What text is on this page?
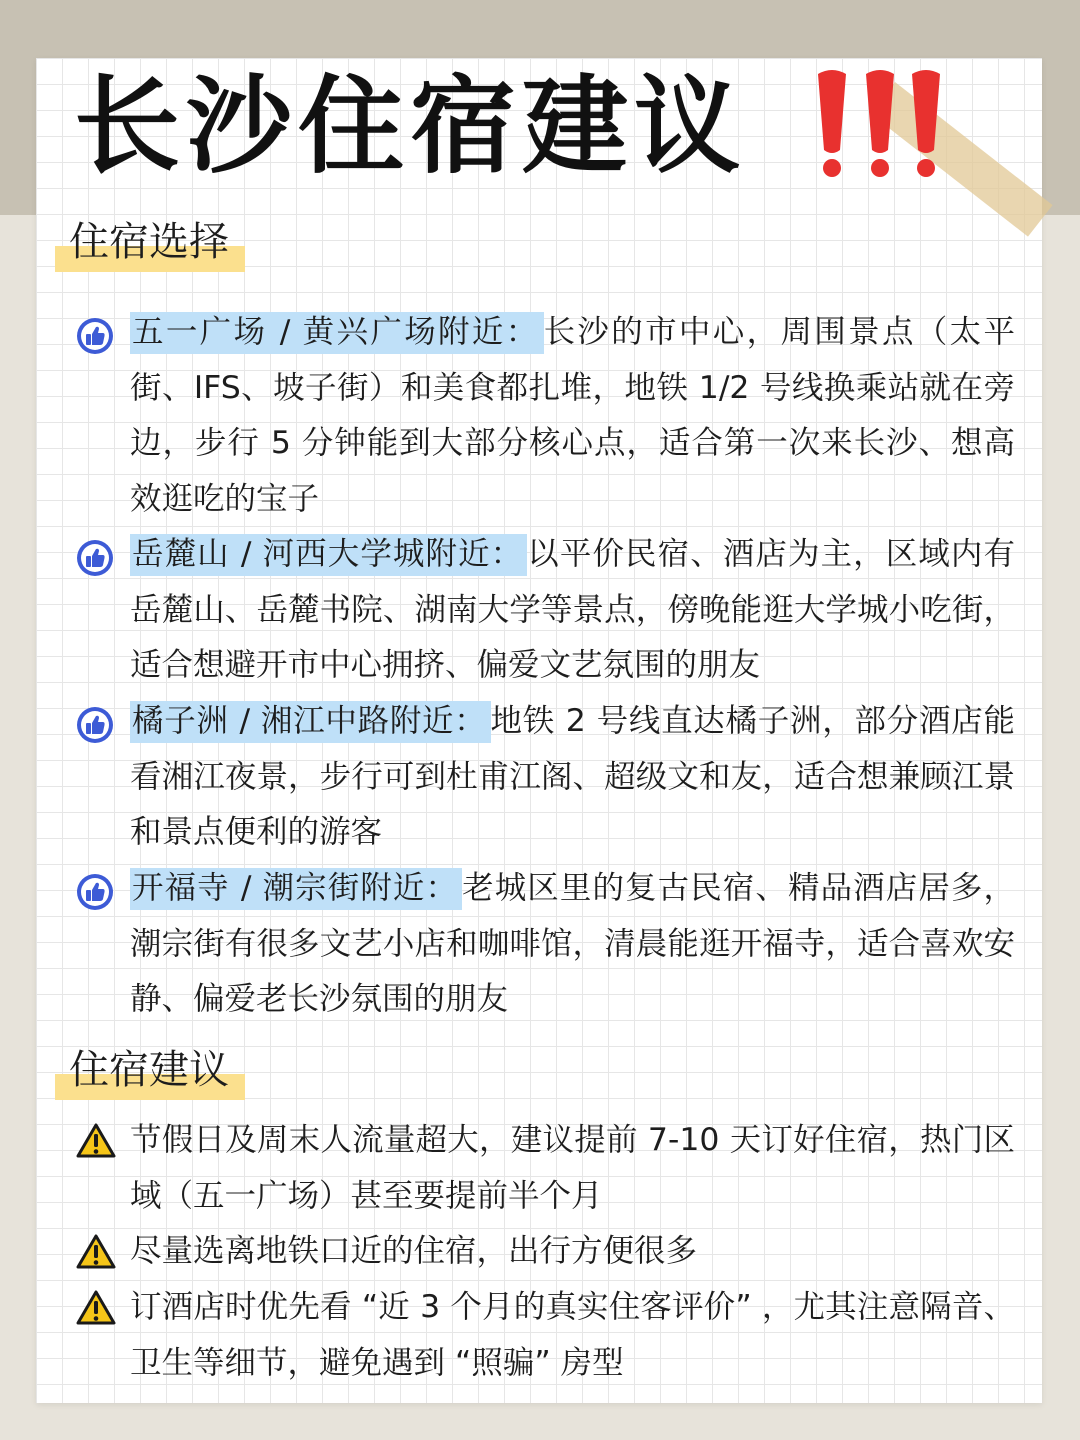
长沙住宿建议
住宿选择
五一广场 / 黄兴广场附近： 长沙的市中心，周围景点（太平街、IFS、坡子街）和美食都扎堆，地铁 1/2 号线换乘站就在旁边，步行 5 分钟能到大部分核心点，适合第一次来长沙、想高效逛吃的宝子
岳麓山 / 河西大学城附近： 以平价民宿、酒店为主，区域内有岳麓山、岳麓书院、湖南大学等景点，傍晚能逛大学城小吃街，适合想避开市中心拥挤、偏爱文艺氛围的朋友
橘子洲 / 湘江中路附近： 地铁 2 号线直达橘子洲，部分酒店能看湘江夜景，步行可到杜甫江阁、超级文和友，适合想兼顾江景和景点便利的游客
开福寺 / 潮宗街附近： 老城区里的复古民宿、精品酒店居多，潮宗街有很多文艺小店和咖啡馆，清晨能逛开福寺，适合喜欢安静、偏爱老长沙氛围的朋友
住宿建议
节假日及周末人流量超大，建议提前 7-10 天订好住宿，热门区域（五一广场）甚至要提前半个月
尽量选离地铁口近的住宿，出行方便很多
订酒店时优先看 “近 3 个月的真实住客评价” ，尤其注意隔音、卫生等细节，避免遇到 “照骗” 房型
